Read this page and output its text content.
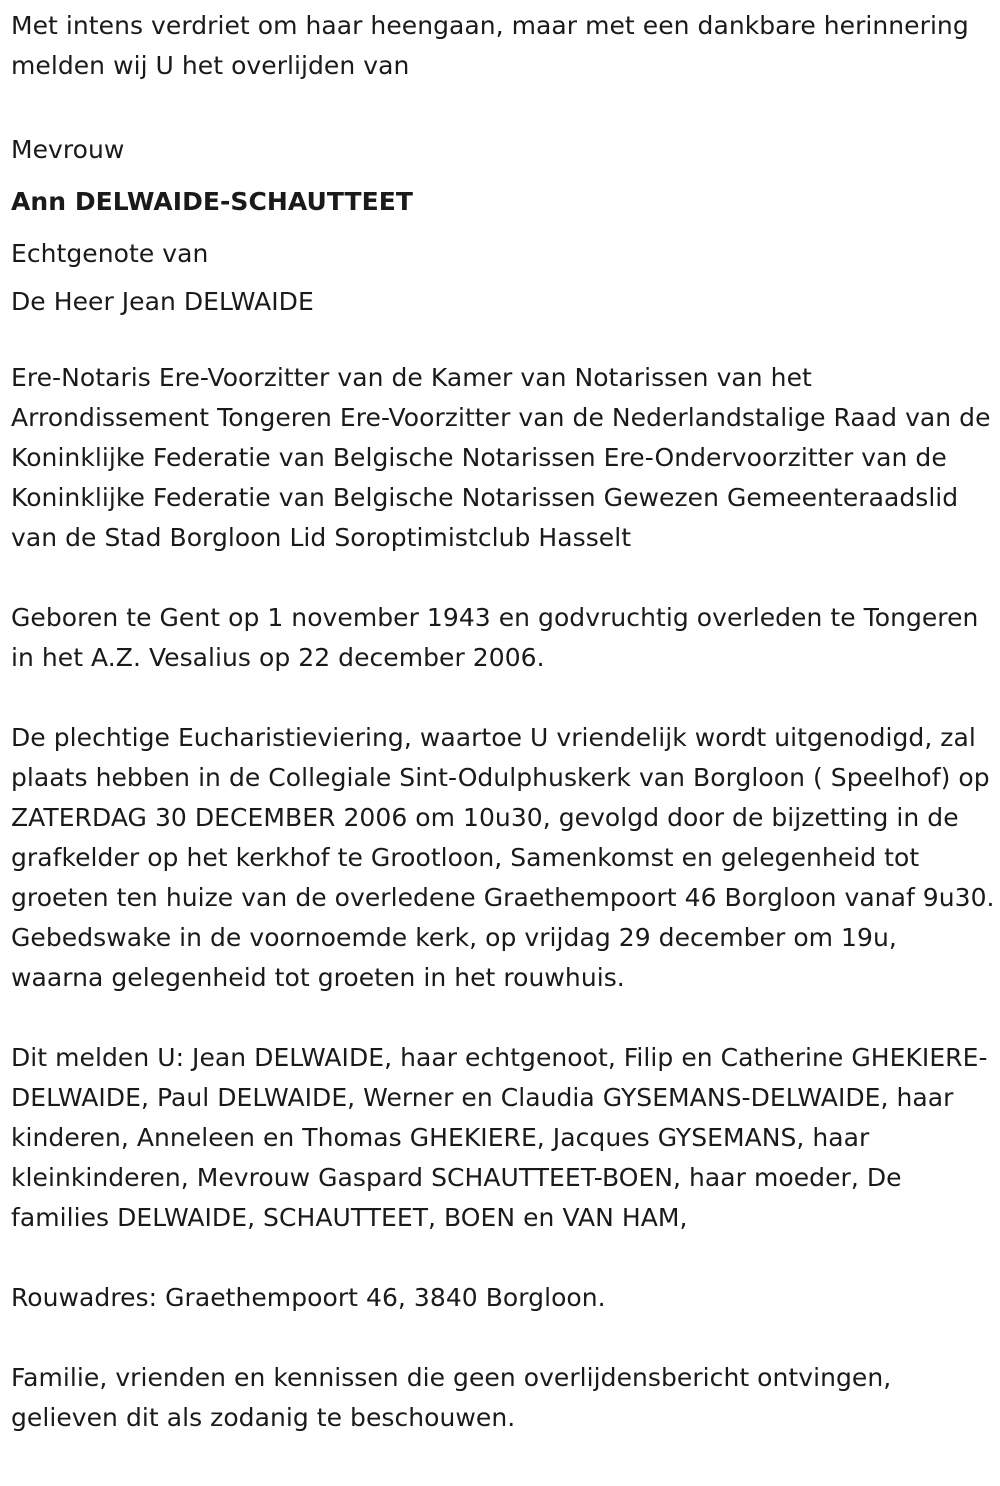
Met intens verdriet om haar heengaan, maar met een dankbare herinnering melden wij U het overlijden van

Mevrouw

Ann DELWAIDE-SCHAUTTEET

Echtgenote van

De Heer Jean DELWAIDE

Ere-Notaris Ere-Voorzitter van de Kamer van Notarissen van het Arrondissement Tongeren Ere-Voorzitter van de Nederlandstalige Raad van de Koninklijke Federatie van Belgische Notarissen Ere-Ondervoorzitter van de Koninklijke Federatie van Belgische Notarissen Gewezen Gemeenteraadslid van de Stad Borgloon Lid Soroptimistclub Hasselt

Geboren te Gent op 1 november 1943 en godvruchtig overleden te Tongeren in het A.Z. Vesalius op 22 december 2006.

De plechtige Eucharistieviering, waartoe U vriendelijk wordt uitgenodigd, zal plaats hebben in de Collegiale Sint-Odulphuskerk van Borgloon ( Speelhof) op ZATERDAG 30 DECEMBER 2006 om 10u30, gevolgd door de bijzetting in de grafkelder op het kerkhof te Grootloon, Samenkomst en gelegenheid tot groeten ten huize van de overledene Graethempoort 46 Borgloon vanaf 9u30. Gebedswake in de voornoemde kerk, op vrijdag 29 december om 19u, waarna gelegenheid tot groeten in het rouwhuis.

Dit melden U: Jean DELWAIDE, haar echtgenoot, Filip en Catherine GHEKIERE-DELWAIDE, Paul DELWAIDE, Werner en Claudia GYSEMANS-DELWAIDE, haar kinderen, Anneleen en Thomas GHEKIERE, Jacques GYSEMANS, haar kleinkinderen, Mevrouw Gaspard SCHAUTTEET-BOEN, haar moeder, De families DELWAIDE, SCHAUTTEET, BOEN en VAN HAM,

Rouwadres: Graethempoort 46, 3840 Borgloon.

Familie, vrienden en kennissen die geen overlijdensbericht ontvingen, gelieven dit als zodanig te beschouwen.
